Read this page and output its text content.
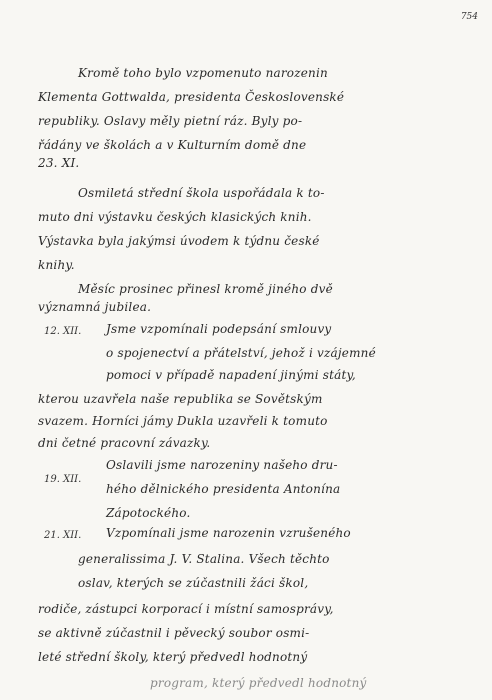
754
Kromě toho bylo vzpomenuto narozenin
Klementa Gottwalda, presidenta Československé
republiky. Oslavy měly pietní ráz. Byly po-
řádány ve školách a v Kulturním domě dne
23. XI.
Osmiletá střední škola uspořádala k to-
muto dni výstavku českých klasických knih.
Výstavka byla jakýmsi úvodem k týdnu české
knihy.
Měsíc prosinec přinesl kromě jiného dvě
významná jubilea.
12. XII. Jsme vzpomínali podepsání smlouvy
o spojenectví a přátelství, jehož i vzájemné
pomoci v případě napadení jinými státy,
kterou uzavřela naše republika se Sovětským
svazem. Horníci jámy Dukla uzavřeli k tomuto
dni četné pracovní závazky.
19. XII.
Oslavili jsme narozeniny našeho dru-
hého dělnického presidenta Antonína
Zápotockého.
21. XII. Vzpomínali jsme narozenin vzrušeného
generalissima J. V. Stalina. Všech těchto
oslav, kterých se zúčastnili žáci škol,
rodiče, zástupci korporací i místní samosprávy,
se aktivně zúčastnil i pěvecký soubor osmi-
leté střední školy, který předvedl hodnotný
program, který předvedl hodnotný
